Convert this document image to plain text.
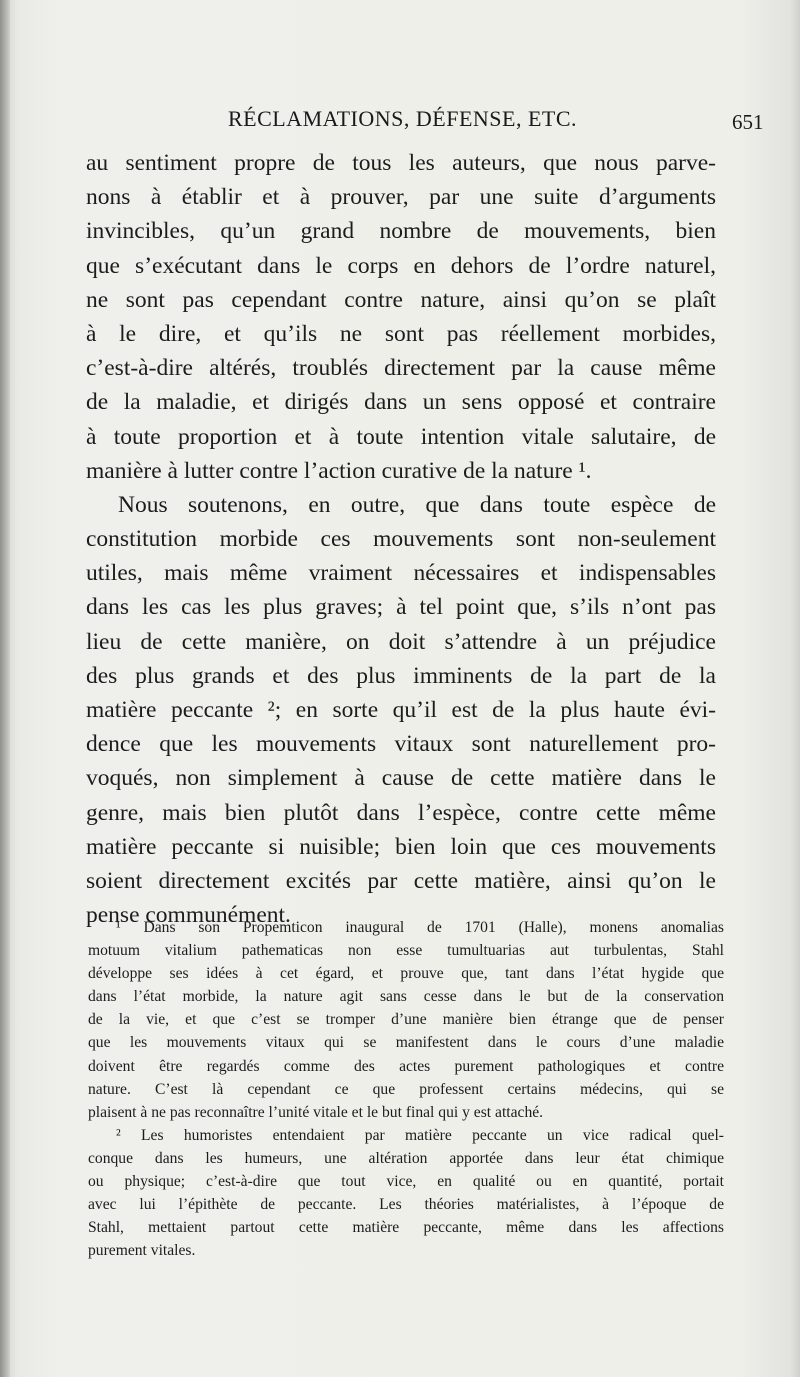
RÉCLAMATIONS, DÉFENSE, ETC.	651
au sentiment propre de tous les auteurs, que nous parve-
nons à établir et à prouver, par une suite d’arguments
invincibles, qu’un grand nombre de mouvements, bien
que s’exécutant dans le corps en dehors de l’ordre naturel,
ne sont pas cependant contre nature, ainsi qu’on se plaît
à le dire, et qu’ils ne sont pas réellement morbides,
c’est-à-dire altérés, troublés directement par la cause même
de la maladie, et dirigés dans un sens opposé et contraire
à toute proportion et à toute intention vitale salutaire, de
manière à lutter contre l’action curative de la nature ¹.
Nous soutenons, en outre, que dans toute espèce de
constitution morbide ces mouvements sont non-seulement
utiles, mais même vraiment nécessaires et indispensables
dans les cas les plus graves; à tel point que, s’ils n’ont pas
lieu de cette manière, on doit s’attendre à un préjudice
des plus grands et des plus imminents de la part de la
matière peccante ²; en sorte qu’il est de la plus haute évi-
dence que les mouvements vitaux sont naturellement pro-
voqués, non simplement à cause de cette matière dans le
genre, mais bien plutôt dans l’espèce, contre cette même
matière peccante si nuisible; bien loin que ces mouvements
soient directement excités par cette matière, ainsi qu’on le
pense communément.
¹ Dans son Propemticon inaugural de 1701 (Halle), monens anomalias
motuum vitalium pathematicas non esse tumultuarias aut turbulentas, Stahl
développe ses idées à cet égard, et prouve que, tant dans l’état hygide que
dans l’état morbide, la nature agit sans cesse dans le but de la conservation
de la vie, et que c’est se tromper d’une manière bien étrange que de penser
que les mouvements vitaux qui se manifestent dans le cours d’une maladie
doivent être regardés comme des actes purement pathologiques et contre
nature. C’est là cependant ce que professent certains médecins, qui se
plaisent à ne pas reconnaître l’unité vitale et le but final qui y est attaché.
² Les humoristes entendaient par matière peccante un vice radical quel-
conque dans les humeurs, une altération apportée dans leur état chimique
ou physique; c’est-à-dire que tout vice, en qualité ou en quantité, portait
avec lui l’épithète de peccante. Les théories matérialistes, à l’époque de
Stahl, mettaient partout cette matière peccante, même dans les affections
purement vitales.
